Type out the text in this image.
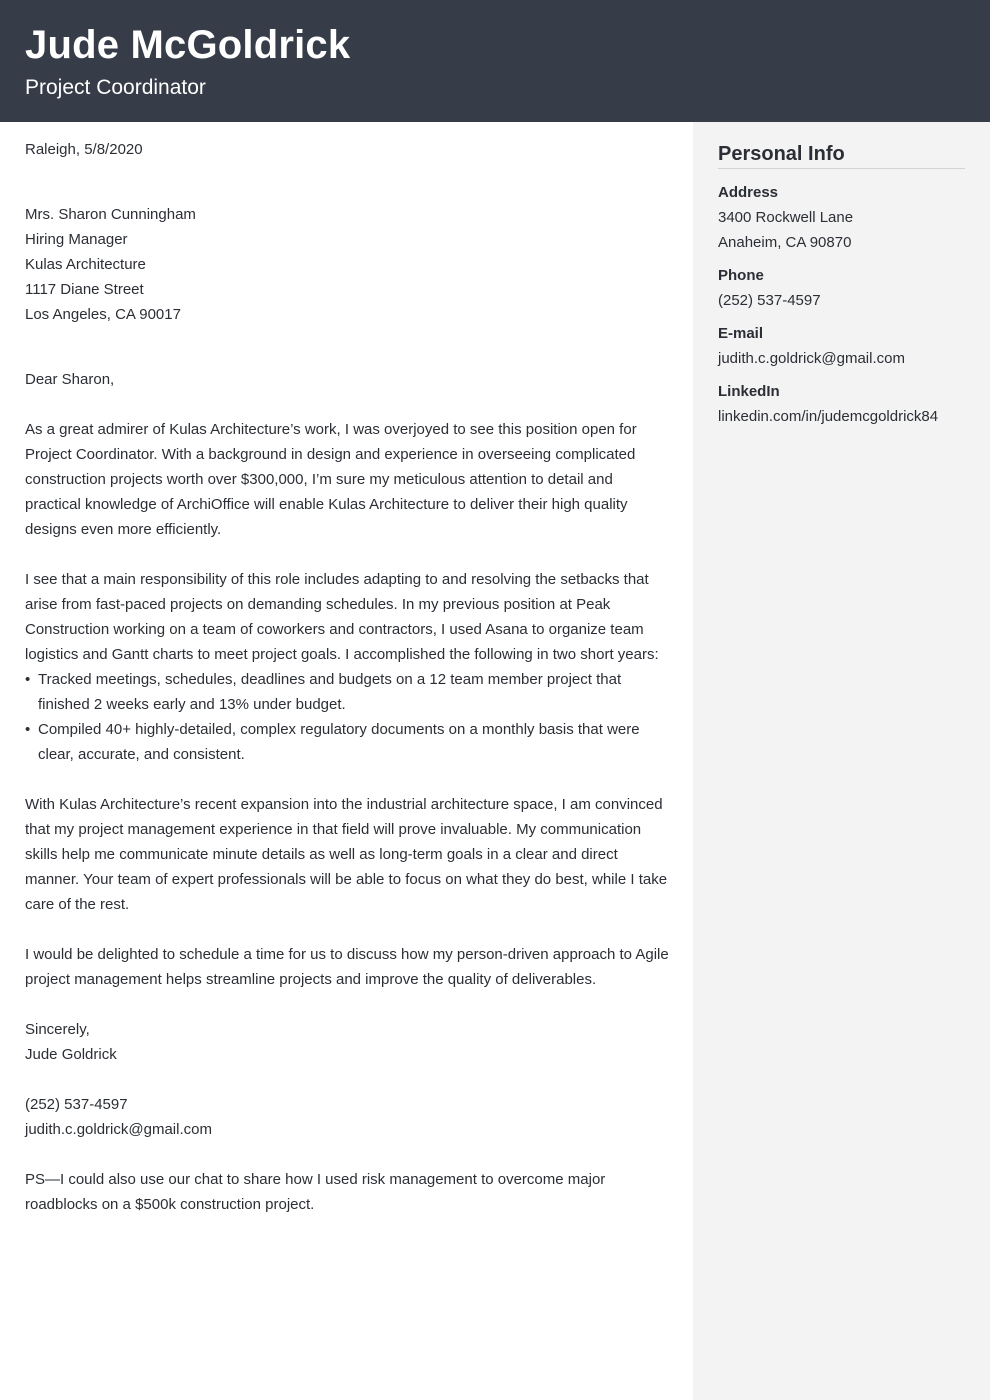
Jude McGoldrick
Project Coordinator

Raleigh, 5/8/2020

Mrs. Sharon Cunningham

Hiring Manager

Kulas Architecture

1117 Diane Street

Los Angeles, CA 90017

Dear Sharon,

As a great admirer of Kulas Architecture’s work, I was overjoyed to see this position open for Project Coordinator. With a background in design and experience in overseeing complicated construction projects worth over $300,000, I’m sure my meticulous attention to detail and practical knowledge of ArchiOffice will enable Kulas Architecture to deliver their high quality designs even more efficiently.

I see that a main responsibility of this role includes adapting to and resolving the setbacks that arise from fast-paced projects on demanding schedules. In my previous position at Peak Construction working on a team of coworkers and contractors, I used Asana to organize team logistics and Gantt charts to meet project goals. I accomplished the following in two short years:

• Tracked meetings, schedules, deadlines and budgets on a 12 team member project that finished 2 weeks early and 13% under budget.
• Compiled 40+ highly-detailed, complex regulatory documents on a monthly basis that were clear, accurate, and consistent.

With Kulas Architecture’s recent expansion into the industrial architecture space, I am convinced that my project management experience in that field will prove invaluable. My communication skills help me communicate minute details as well as long-term goals in a clear and direct manner. Your team of expert professionals will be able to focus on what they do best, while I take care of the rest.

I would be delighted to schedule a time for us to discuss how my person-driven approach to Agile project management helps streamline projects and improve the quality of deliverables.

Sincerely,

Jude Goldrick

(252) 537-4597

judith.c.goldrick@gmail.com

PS—I could also use our chat to share how I used risk management to overcome major roadblocks on a $500k construction project.

Personal Info
Address
3400 Rockwell Lane
Anaheim, CA 90870
Phone
(252) 537-4597
E-mail
judith.c.goldrick@gmail.com
LinkedIn
linkedin.com/in/judemcgoldrick84
